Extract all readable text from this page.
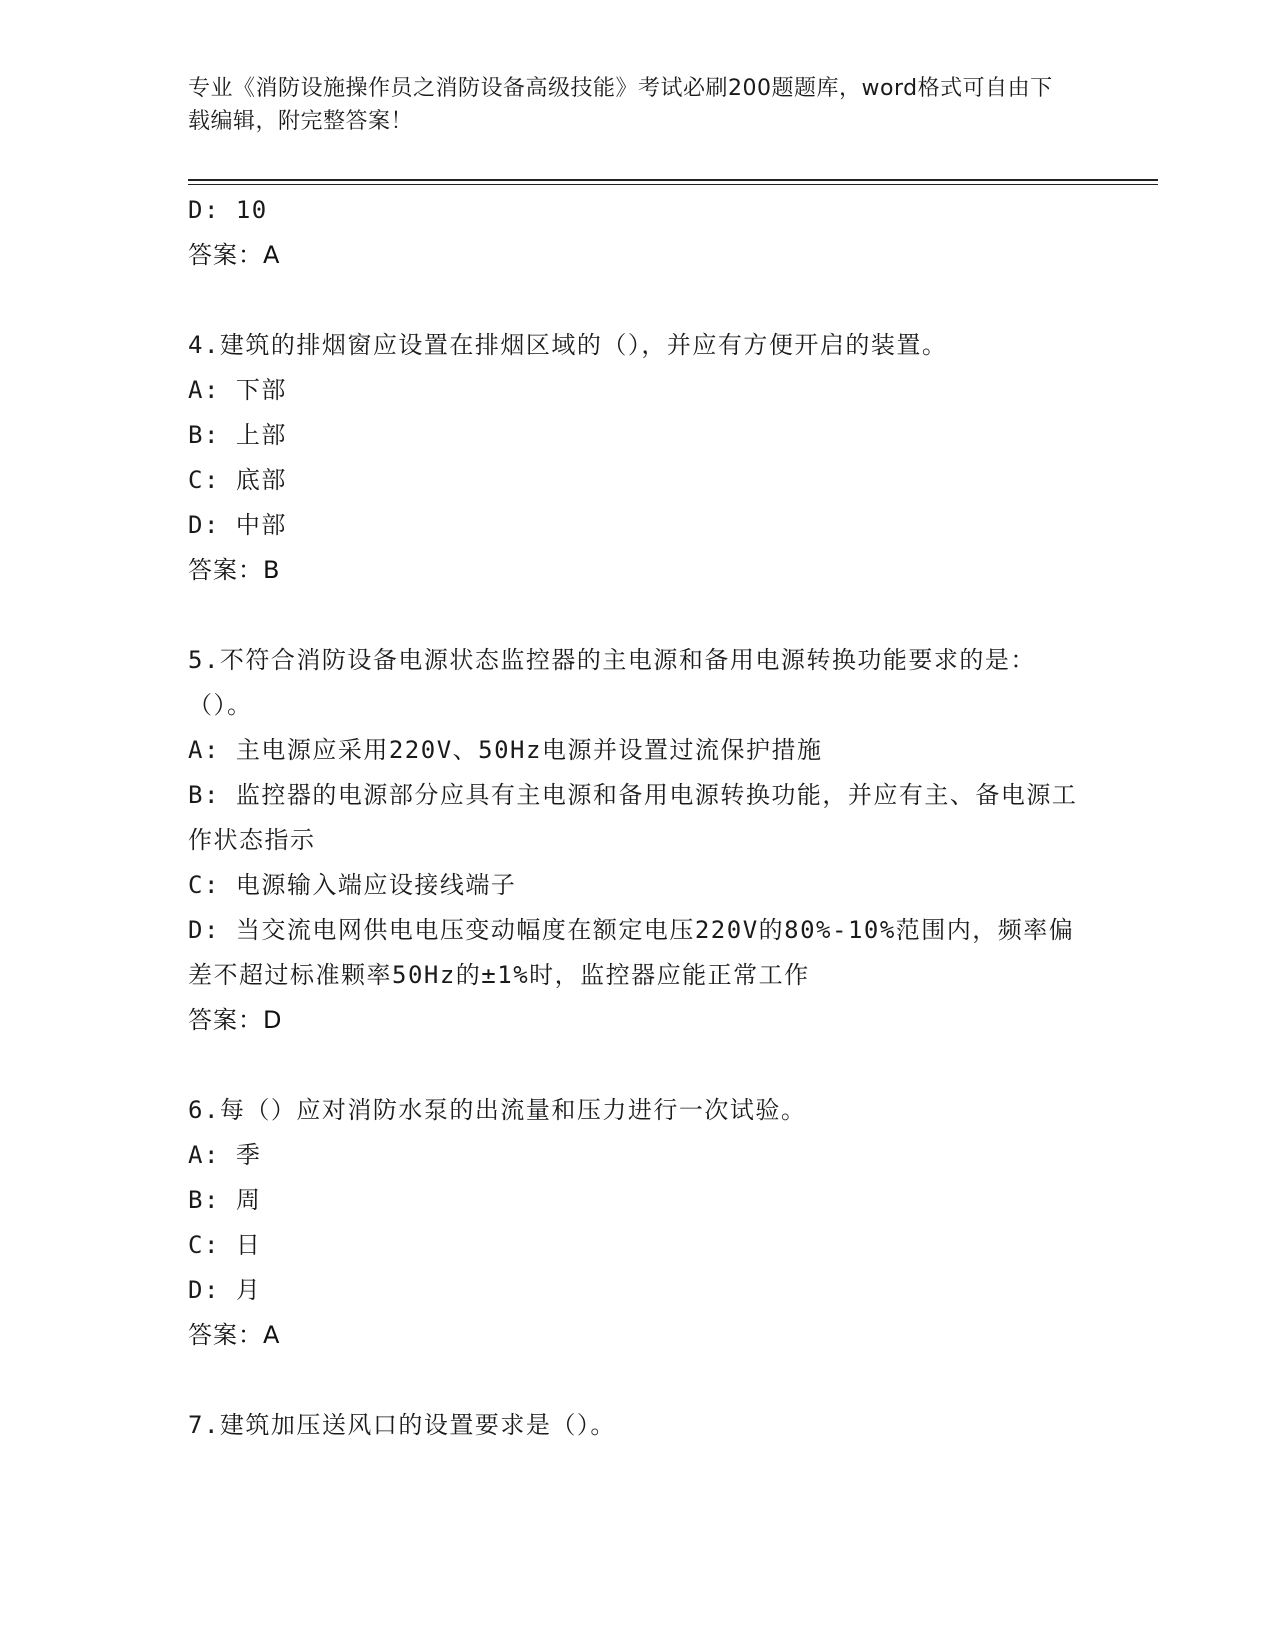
专业《消防设施操作员之消防设备高级技能》考试必刷200题题库，word格式可自由下载编辑，附完整答案！
D: 10
答案：A
4.建筑的排烟窗应设置在排烟区域的（），并应有方便开启的装置。
A: 下部
B: 上部
C: 底部
D: 中部
答案：B
5.不符合消防设备电源状态监控器的主电源和备用电源转换功能要求的是：（）。
A: 主电源应采用220V、50Hz电源并设置过流保护措施
B: 监控器的电源部分应具有主电源和备用电源转换功能，并应有主、备电源工作状态指示
C: 电源输入端应设接线端子
D: 当交流电网供电电压变动幅度在额定电压220V的80%-10%范围内，频率偏差不超过标准颗率50Hz的±1%时，监控器应能正常工作
答案：D
6.每（）应对消防水泵的出流量和压力进行一次试验。
A: 季
B: 周
C: 日
D: 月
答案：A
7.建筑加压送风口的设置要求是（）。
